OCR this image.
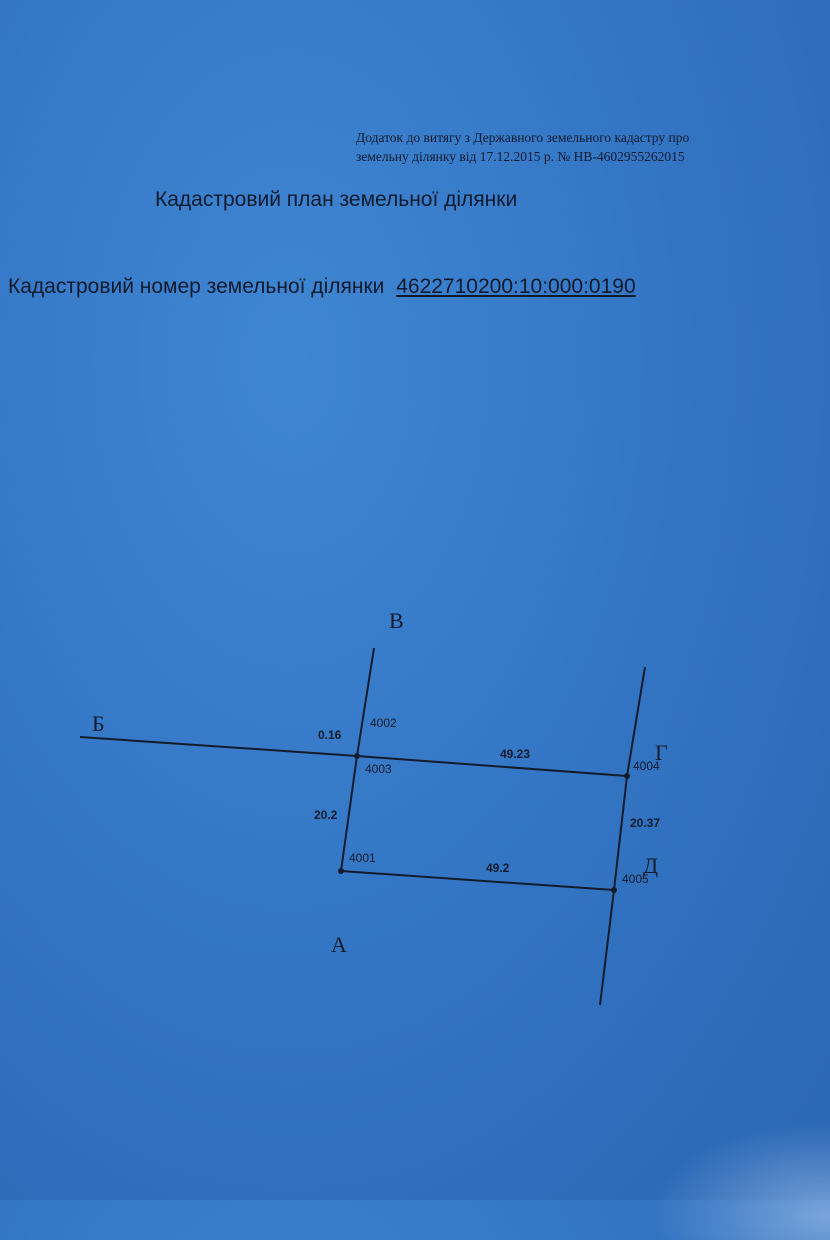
Додаток до витягу з Державного земельного кадастру про
земельну ділянку від 17.12.2015 р. № НВ-4602955262015
Кадастровий план земельної ділянки
Кадастровий номер земельної ділянки 4622710200:10:000:0190
Б
В
Г
Д
А
4002
4003	4004
4001
4005
0.16
49.23
20.2
20.37
49.2
